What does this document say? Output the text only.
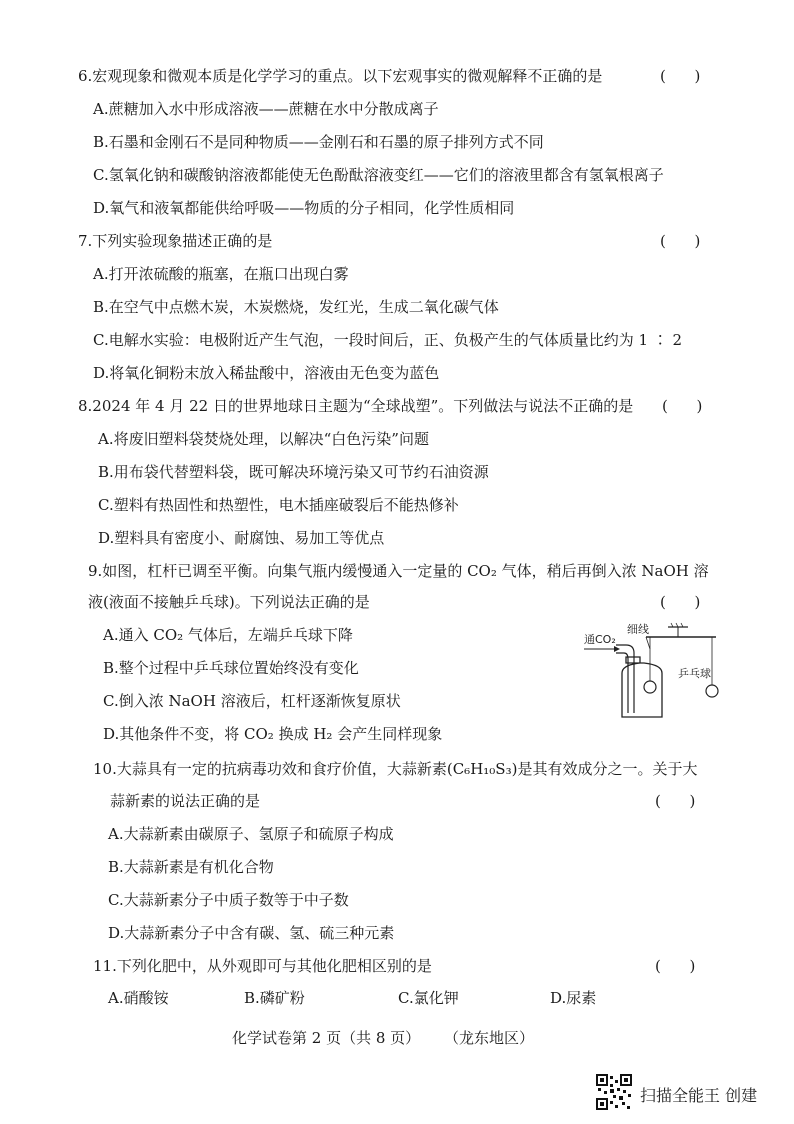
6.宏观现象和微观本质是化学学习的重点。以下宏观事实的微观解释不正确的是	(      )
A.蔗糖加入水中形成溶液——蔗糖在水中分散成离子
B.石墨和金刚石不是同种物质——金刚石和石墨的原子排列方式不同
C.氢氧化钠和碳酸钠溶液都能使无色酚酞溶液变红——它们的溶液里都含有氢氧根离子
D.氧气和液氧都能供给呼吸——物质的分子相同，化学性质相同
7.下列实验现象描述正确的是	(      )
A.打开浓硫酸的瓶塞，在瓶口出现白雾
B.在空气中点燃木炭，木炭燃烧，发红光，生成二氧化碳气体
C.电解水实验：电极附近产生气泡，一段时间后，正、负极产生的气体质量比约为 1 ∶ 2
D.将氧化铜粉末放入稀盐酸中，溶液由无色变为蓝色
8.2024 年 4 月 22 日的世界地球日主题为“全球战塑”。下列做法与说法不正确的是 (      )
A.将废旧塑料袋焚烧处理，以解决“白色污染”问题
B.用布袋代替塑料袋，既可解决环境污染又可节约石油资源
C.塑料有热固性和热塑性，电木插座破裂后不能热修补
D.塑料具有密度小、耐腐蚀、易加工等优点
9.如图，杠杆已调至平衡。向集气瓶内缓慢通入一定量的 CO₂ 气体，稍后再倒入浓 NaOH 溶
液(液面不接触乒乓球)。下列说法正确的是	(      )
A.通入 CO₂ 气体后，左端乒乓球下降
B.整个过程中乒乓球位置始终没有变化
C.倒入浓 NaOH 溶液后，杠杆逐渐恢复原状
D.其他条件不变，将 CO₂ 换成 H₂ 会产生同样现象
通CO₂
细线
乒乓球
10.大蒜具有一定的抗病毒功效和食疗价值，大蒜新素(C₆H₁₀S₃)是其有效成分之一。关于大
蒜新素的说法正确的是	(      )
A.大蒜新素由碳原子、氢原子和硫原子构成
B.大蒜新素是有机化合物
C.大蒜新素分子中质子数等于中子数
D.大蒜新素分子中含有碳、氢、硫三种元素
11.下列化肥中，从外观即可与其他化肥相区别的是	(      )
A.硝酸铵	B.磷矿粉	C.氯化钾	D.尿素
化学试卷第 2 页（共 8 页） （龙东地区）
扫描全能王 创建
